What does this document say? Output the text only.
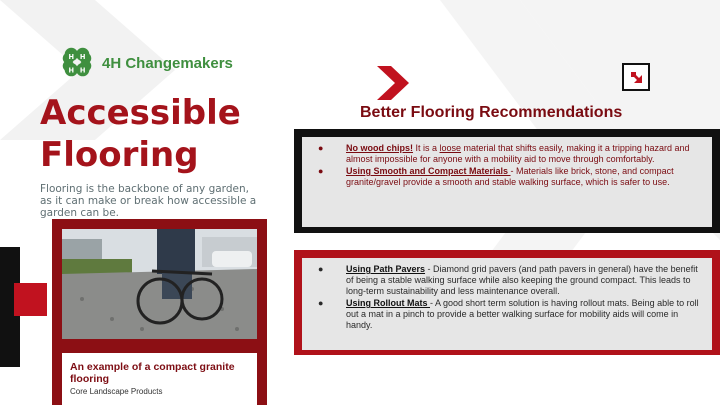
H H
H H 4H Changemakers
Accessible
Flooring
Flooring is the backbone of any garden, as it can make or break how accessible a garden can be.
An example of a compact granite flooring
Core Landscape Products
Better Flooring Recommendations
●	No wood chips! It is a loose material that shifts easily, making it a tripping hazard and almost impossible for anyone with a mobility aid to move through comfortably.
●	Using Smooth and Compact Materials - Materials like brick, stone, and compact granite/gravel provide a smooth and stable walking surface, which is safer to use.
●	Using Path Pavers - Diamond grid pavers (and path pavers in general) have the benefit of being a stable walking surface while also keeping the ground compact. This leads to long-term sustainability and less maintenance overall.
●	Using Rollout Mats - A good short term solution is having rollout mats. Being able to roll out a mat in a pinch to provide a better walking surface for mobility aids will come in handy.
